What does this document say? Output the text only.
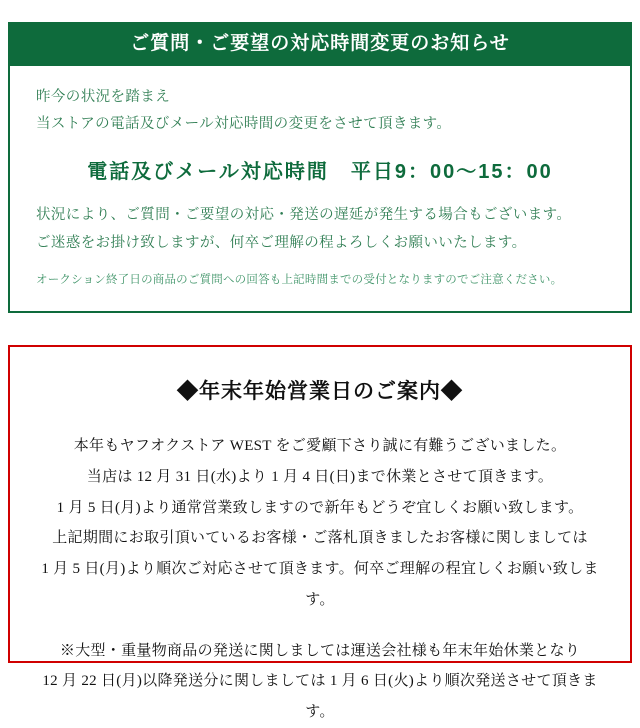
ご質問・ご要望の対応時間変更のお知らせ
昨今の状況を踏まえ
当ストアの電話及びメール対応時間の変更をさせて頂きます。
電話及びメール対応時間　平日9：00〜15：00
状況により、ご質問・ご要望の対応・発送の遅延が発生する場合もございます。
ご迷惑をお掛け致しますが、何卒ご理解の程よろしくお願いいたします。
オークション終了日の商品のご質問への回答も上記時間までの受付となりますのでご注意ください。
◆年末年始営業日のご案内◆
本年もヤフオクストア WEST をご愛顧下さり誠に有難うございました。
当店は 12 月 31 日(水)より 1 月 4 日(日)まで休業とさせて頂きます。
1 月 5 日(月)より通常営業致しますので新年もどうぞ宜しくお願い致します。
上記期間にお取引頂いているお客様・ご落札頂きましたお客様に関しましては
1 月 5 日(月)より順次ご対応させて頂きます。何卒ご理解の程宜しくお願い致します。
※大型・重量物商品の発送に関しましては運送会社様も年末年始休業となり
12 月 22 日(月)以降発送分に関しましては 1 月 6 日(火)より順次発送させて頂きます。
